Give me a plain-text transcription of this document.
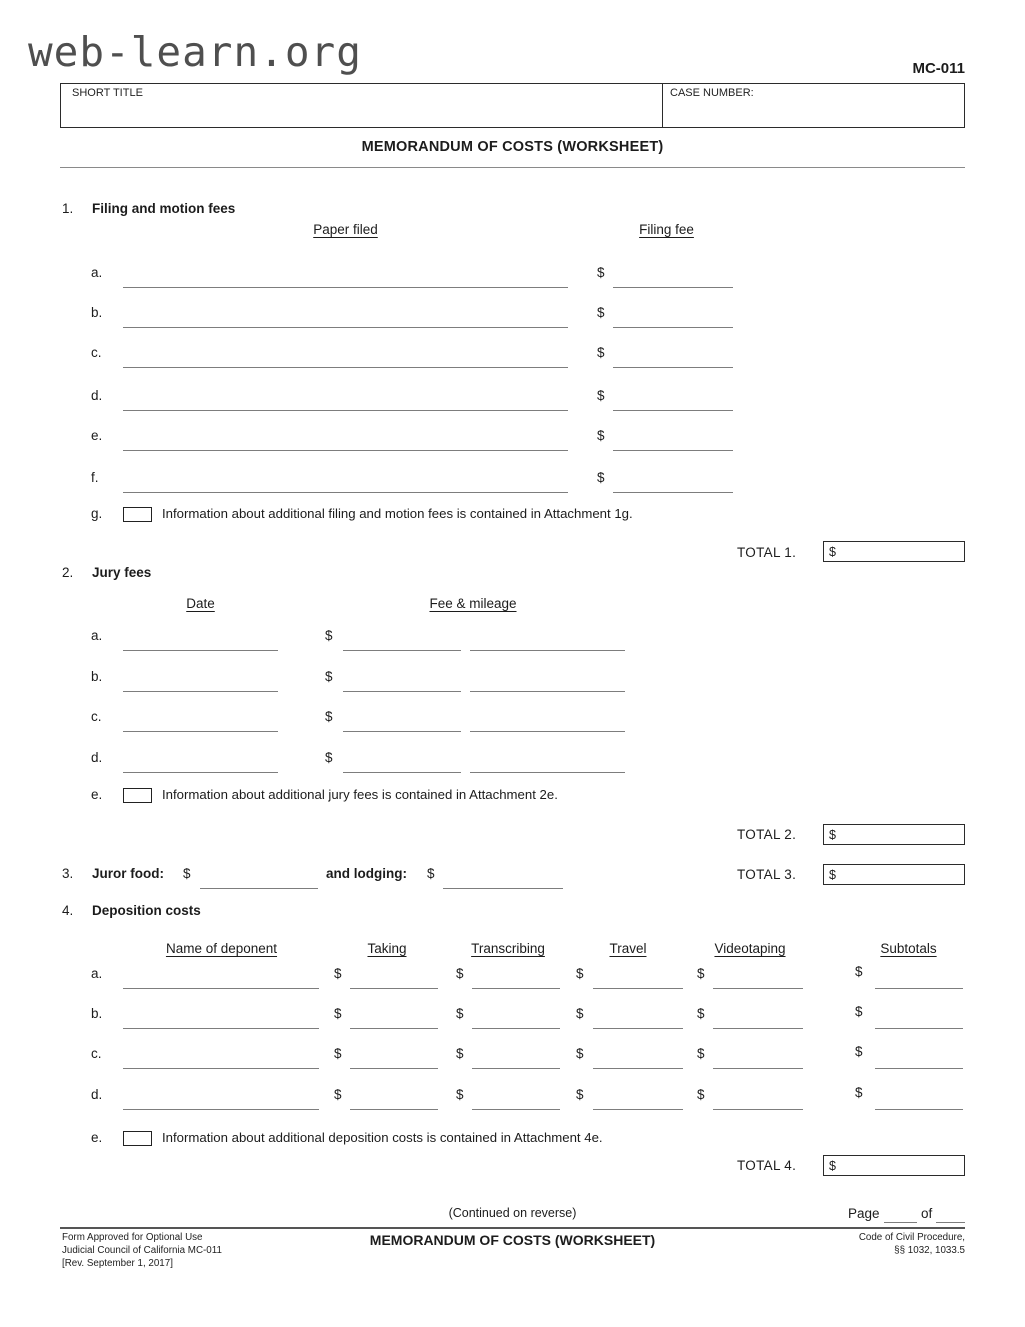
web-learn.org	MC-011
SHORT TITLE	CASE NUMBER:
MEMORANDUM OF COSTS (WORKSHEET)
1. Filing and motion fees
Paper filed	Filing fee
a.	$
b.	$
c.	$
d.	$
e.	$
f.	$
g.	Information about additional filing and motion fees is contained in Attachment 1g.
TOTAL 1.	$
2. Jury fees
Date	Fee & mileage
a.	$
b.	$
c.	$
d.	$
e.	Information about additional jury fees is contained in Attachment 2e.
TOTAL 2.	$
3. Juror food: $	and lodging: $	TOTAL 3.	$
4. Deposition costs
Name of deponent	Taking	Transcribing	Travel	Videotaping	Subtotals
a.	$	$	$	$	$
b.	$	$	$	$	$
c.	$	$	$	$	$
d.	$	$	$	$	$
e.	Information about additional deposition costs is contained in Attachment 4e.
TOTAL 4.	$
(Continued on reverse)	Page	of
Form Approved for Optional Use
Judicial Council of California MC-011
[Rev. September 1, 2017]
MEMORANDUM OF COSTS (WORKSHEET)	Code of Civil Procedure,
§§ 1032, 1033.5
